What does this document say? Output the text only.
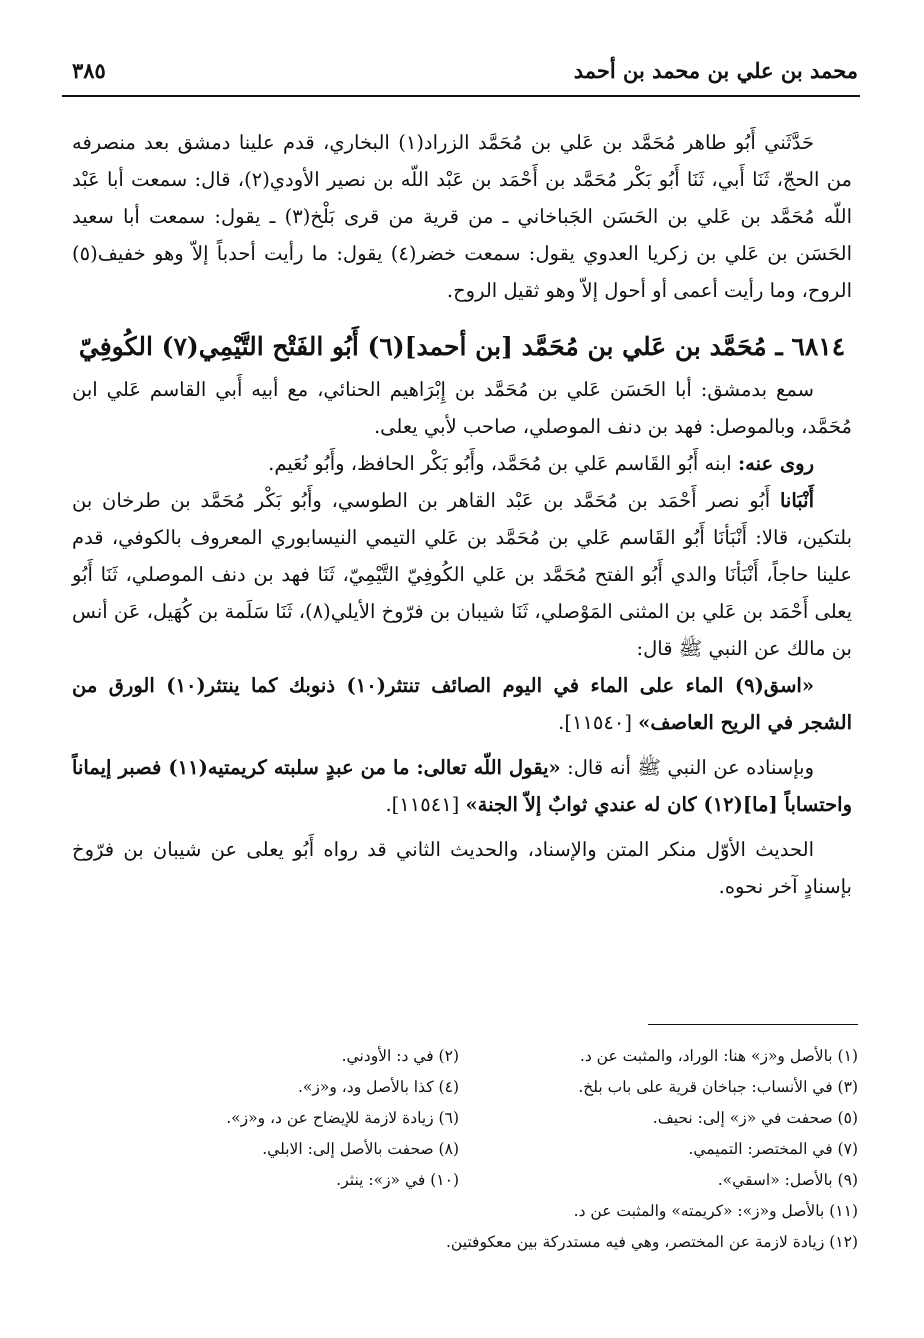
محمد بن علي بن محمد بن أحمد
٣٨٥

حَدَّثَني أَبُو طاهر مُحَمَّد بن عَلي بن مُحَمَّد الزراد(١) البخاري، قدم علينا دمشق بعد منصرفه من الحجّ، ثَنَا أَبي، ثَنَا أَبُو بَكْر مُحَمَّد بن أَحْمَد بن عَبْد اللّه بن نصير الأودي(٢)، قال: سمعت أبا عَبْد اللّه مُحَمَّد بن عَلي بن الحَسَن الجَباخاني ـ من قرية من قرى بَلْخ(٣) ـ يقول: سمعت أبا سعيد الحَسَن بن عَلي بن زكريا العدوي يقول: سمعت خضر(٤) يقول: ما رأيت أحدباً إلاّ وهو خفيف(٥) الروح، وما رأيت أعمى أو أحول إلاّ وهو ثقيل الروح.

٦٨١٤ ـ مُحَمَّد بن عَلي بن مُحَمَّد [بن أحمد](٦) أَبُو الفَتْح التَّيْمِي(٧) الكُوفِيّ

سمع بدمشق: أبا الحَسَن عَلي بن مُحَمَّد بن إِبْرَاهيم الحنائي، مع أبيه أَبي القاسم عَلي ابن مُحَمَّد، وبالموصل: فهد بن دنف الموصلي، صاحب لأبي يعلى.

روى عنه: ابنه أَبُو القَاسم عَلي بن مُحَمَّد، وأَبُو بَكْر الحافظ، وأَبُو نُعَيم.

أَنْبَانا أَبُو نصر أَحْمَد بن مُحَمَّد بن عَبْد القاهر بن الطوسي، وأَبُو بَكْر مُحَمَّد بن طرخان بن بلتكين، قالا: أَنْبَأنَا أَبُو القَاسم عَلي بن مُحَمَّد بن عَلي التيمي النيسابوري المعروف بالكوفي، قدم علينا حاجاً، أَنْبَأنَا والدي أَبُو الفتح مُحَمَّد بن عَلي الكُوفِيّ التَّيْمِيّ، ثَنَا فهد بن دنف الموصلي، ثَنَا أَبُو يعلى أَحْمَد بن عَلي بن المثنى المَوْصلي، ثَنَا شيبان بن فرّوخ الأيلي(٨)، ثَنَا سَلَمة بن كُهَيل، عَن أنس بن مالك عن النبي ﷺ قال:

«اسق(٩) الماء على الماء في اليوم الصائف تنتثر(١٠) ذنوبك كما ينتثر(١٠) الورق من الشجر في الريح العاصف» [١١٥٤٠].

وبإسناده عن النبي ﷺ أنه قال: «يقول اللّه تعالى: ما من عبدٍ سلبته كريمتيه(١١) فصبر إيماناً واحتساباً [ما](١٢) كان له عندي ثوابٌ إلاّ الجنة» [١١٥٤١].

الحديث الأوّل منكر المتن والإسناد، والحديث الثاني قد رواه أَبُو يعلى عن شيبان بن فرّوخ بإسنادٍ آخر نحوه.

(١) بالأصل و«ز» هنا: الوراد، والمثبت عن د.
(٢) في د: الأودني.
(٣) في الأنساب: جباخان قرية على باب بلخ.
(٤) كذا بالأصل ود، و«ز».
(٥) صحفت في «ز» إلى: نحيف.
(٦) زيادة لازمة للإيضاح عن د، و«ز».
(٧) في المختصر: التميمي.
(٨) صحفت بالأصل إلى: الابلي.
(٩) بالأصل: «اسقي».
(١٠) في «ز»: ينثر.
(١١) بالأصل و«ز»: «كريمته» والمثبت عن د.
(١٢) زيادة لازمة عن المختصر، وهي فيه مستدركة بين معكوفتين.
